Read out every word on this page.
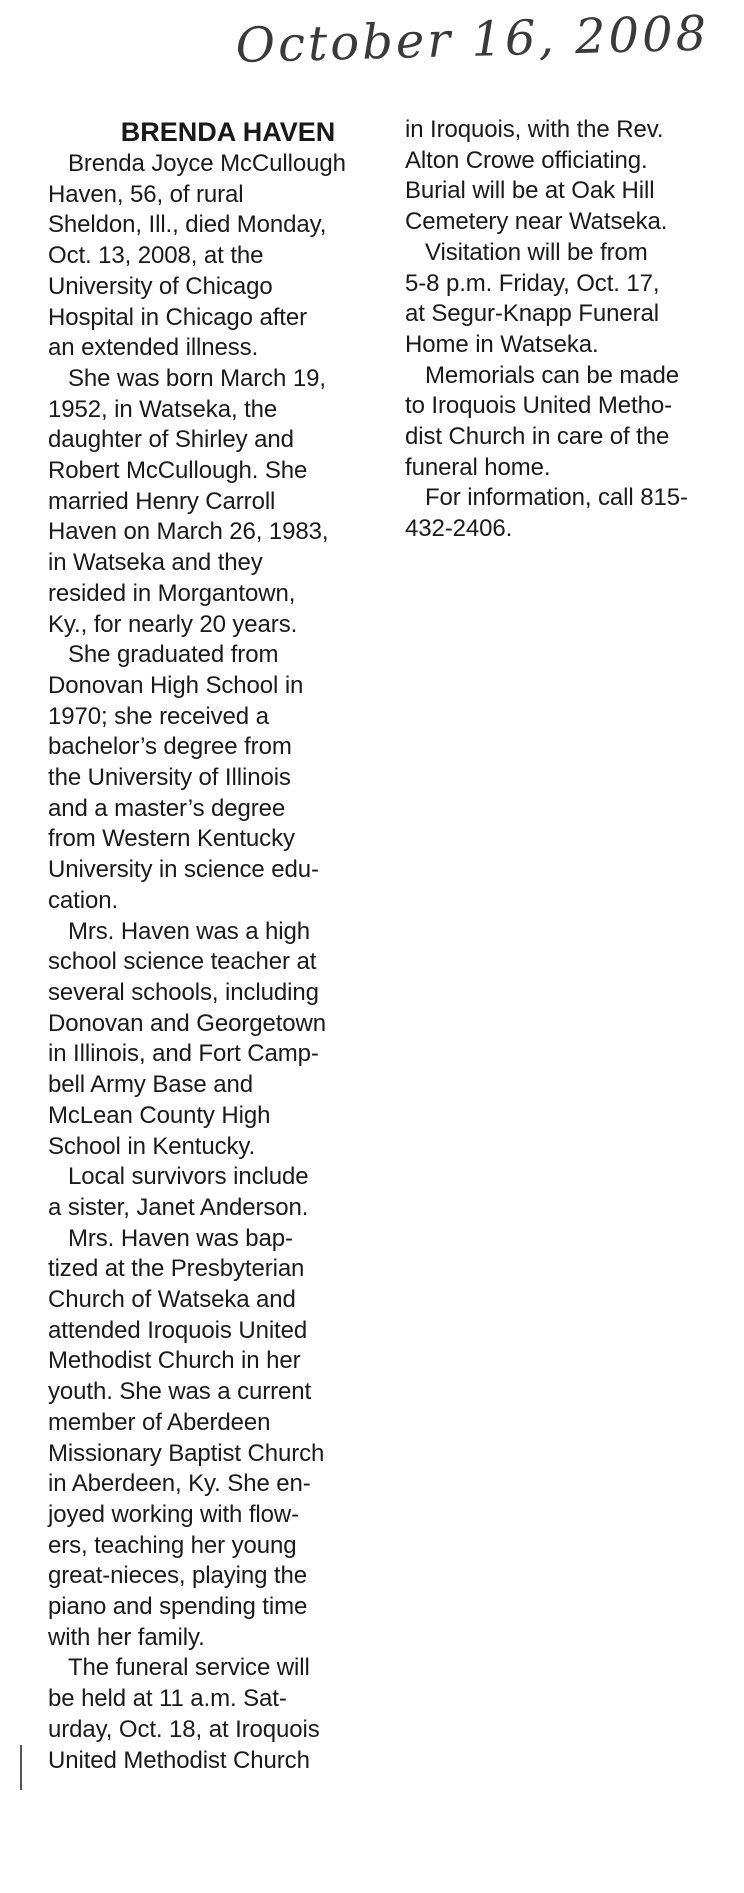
October 16, 2008
BRENDA HAVEN
Brenda Joyce McCullough
Haven, 56, of rural
Sheldon, Ill., died Monday,
Oct. 13, 2008, at the
University of Chicago
Hospital in Chicago after
an extended illness.
She was born March 19,
1952, in Watseka, the
daughter of Shirley and
Robert McCullough. She
married Henry Carroll
Haven on March 26, 1983,
in Watseka and they
resided in Morgantown,
Ky., for nearly 20 years.
She graduated from
Donovan High School in
1970; she received a
bachelor’s degree from
the University of Illinois
and a master’s degree
from Western Kentucky
University in science edu-
cation.
Mrs. Haven was a high
school science teacher at
several schools, including
Donovan and Georgetown
in Illinois, and Fort Camp-
bell Army Base and
McLean County High
School in Kentucky.
Local survivors include
a sister, Janet Anderson.
Mrs. Haven was bap-
tized at the Presbyterian
Church of Watseka and
attended Iroquois United
Methodist Church in her
youth. She was a current
member of Aberdeen
Missionary Baptist Church
in Aberdeen, Ky. She en-
joyed working with flow-
ers, teaching her young
great-nieces, playing the
piano and spending time
with her family.
The funeral service will
be held at 11 a.m. Sat-
urday, Oct. 18, at Iroquois
United Methodist Church
in Iroquois, with the Rev.
Alton Crowe officiating.
Burial will be at Oak Hill
Cemetery near Watseka.
Visitation will be from
5-8 p.m. Friday, Oct. 17,
at Segur-Knapp Funeral
Home in Watseka.
Memorials can be made
to Iroquois United Metho-
dist Church in care of the
funeral home.
For information, call 815-
432-2406.
